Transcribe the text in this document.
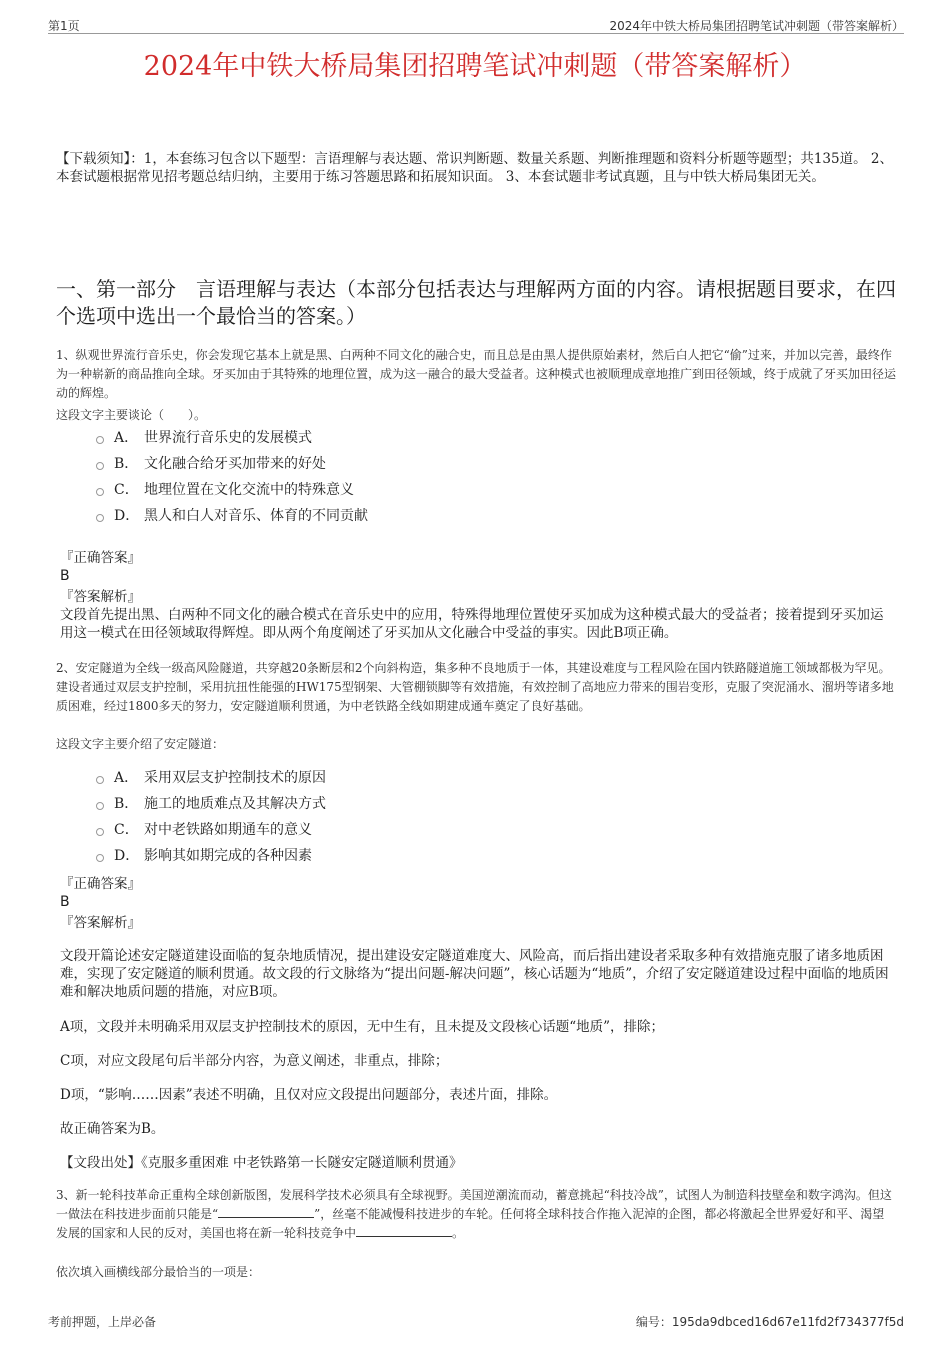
第1页	2024年中铁大桥局集团招聘笔试冲刺题（带答案解析）
2024年中铁大桥局集团招聘笔试冲刺题（带答案解析）
【下载须知】：1，本套练习包含以下题型：言语理解与表达题、常识判断题、数量关系题、判断推理题和资料分析题等题型；共135道。 2、本套试题根据常见招考题总结归纳，主要用于练习答题思路和拓展知识面。 3、本套试题非考试真题，且与中铁大桥局集团无关。
一、第一部分　言语理解与表达（本部分包括表达与理解两方面的内容。请根据题目要求，在四个选项中选出一个最恰当的答案。）
1、纵观世界流行音乐史，你会发现它基本上就是黑、白两种不同文化的融合史，而且总是由黑人提供原始素材，然后白人把它“偷”过来，并加以完善，最终作为一种崭新的商品推向全球。牙买加由于其特殊的地理位置，成为这一融合的最大受益者。这种模式也被顺理成章地推广到田径领域，终于成就了牙买加田径运动的辉煌。
这段文字主要谈论（　　）。
A． 世界流行音乐史的发展模式
B． 文化融合给牙买加带来的好处
C． 地理位置在文化交流中的特殊意义
D． 黑人和白人对音乐、体育的不同贡献
『正确答案』
B
『答案解析』
文段首先提出黑、白两种不同文化的融合模式在音乐史中的应用，特殊得地理位置使牙买加成为这种模式最大的受益者；接着提到牙买加运用这一模式在田径领域取得辉煌。即从两个角度阐述了牙买加从文化融合中受益的事实。因此B项正确。
2、安定隧道为全线一级高风险隧道，共穿越20条断层和2个向斜构造，集多种不良地质于一体，其建设难度与工程风险在国内铁路隧道施工领域都极为罕见。建设者通过双层支护控制，采用抗扭性能强的HW175型钢架、大管棚锁脚等有效措施，有效控制了高地应力带来的围岩变形，克服了突泥涌水、溜坍等诸多地质困难，经过1800多天的努力，安定隧道顺利贯通，为中老铁路全线如期建成通车奠定了良好基础。
这段文字主要介绍了安定隧道：
A． 采用双层支护控制技术的原因
B． 施工的地质难点及其解决方式
C． 对中老铁路如期通车的意义
D． 影响其如期完成的各种因素
『正确答案』
B
『答案解析』
文段开篇论述安定隧道建设面临的复杂地质情况，提出建设安定隧道难度大、风险高，而后指出建设者采取多种有效措施克服了诸多地质困难，实现了安定隧道的顺利贯通。故文段的行文脉络为“提出问题-解决问题”，核心话题为“地质”，介绍了安定隧道建设过程中面临的地质困难和解决地质问题的措施，对应B项。
A项，文段并未明确采用双层支护控制技术的原因，无中生有，且未提及文段核心话题“地质”，排除；
C项，对应文段尾句后半部分内容，为意义阐述，非重点，排除；
D项，“影响……因素”表述不明确，且仅对应文段提出问题部分，表述片面，排除。
故正确答案为B。
【文段出处】《克服多重困难 中老铁路第一长隧安定隧道顺利贯通》
3、新一轮科技革命正重构全球创新版图，发展科学技术必须具有全球视野。美国逆潮流而动，蓄意挑起“科技冷战”，试图人为制造科技壁垒和数字鸿沟。但这一做法在科技进步面前只能是“	”，丝毫不能减慢科技进步的车轮。任何将全球科技合作拖入泥淖的企图，都必将激起全世界爱好和平、渴望发展的国家和人民的反对，美国也将在新一轮科技竞争中	。
依次填入画横线部分最恰当的一项是：
考前押题，上岸必备	编号：195da9dbced16d67e11fd2f734377f5d
